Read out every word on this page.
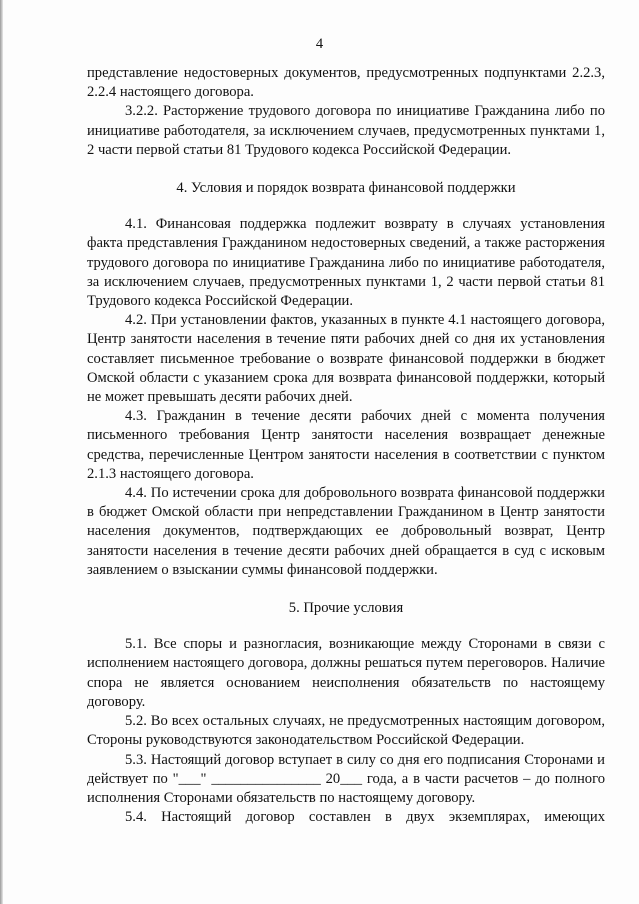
4

представление недостоверных документов, предусмотренных подпунктами 2.2.3, 2.2.4 настоящего договора.

3.2.2. Расторжение трудового договора по инициативе Гражданина либо по инициативе работодателя, за исключением случаев, предусмотренных пунктами 1, 2 части первой статьи 81 Трудового кодекса Российской Федерации.

4. Условия и порядок возврата финансовой поддержки

4.1. Финансовая поддержка подлежит возврату в случаях установления факта представления Гражданином недостоверных сведений, а также расторжения трудового договора по инициативе Гражданина либо по инициативе работодателя, за исключением случаев, предусмотренных пунктами 1, 2 части первой статьи 81 Трудового кодекса Российской Федерации.

4.2. При установлении фактов, указанных в пункте 4.1 настоящего договора, Центр занятости населения в течение пяти рабочих дней со дня их установления составляет письменное требование о возврате финансовой поддержки в бюджет Омской области с указанием срока для возврата финансовой поддержки, который не может превышать десяти рабочих дней.

4.3. Гражданин в течение десяти рабочих дней с момента получения письменного требования Центр занятости населения возвращает денежные средства, перечисленные Центром занятости населения в соответствии с пунктом 2.1.3 настоящего договора.

4.4. По истечении срока для добровольного возврата финансовой поддержки в бюджет Омской области при непредставлении Гражданином в Центр занятости населения документов, подтверждающих ее добровольный возврат, Центр занятости населения в течение десяти рабочих дней обращается в суд с исковым заявлением о взыскании суммы финансовой поддержки.

5. Прочие условия

5.1. Все споры и разногласия, возникающие между Сторонами в связи с исполнением настоящего договора, должны решаться путем переговоров. Наличие спора не является основанием неисполнения обязательств по настоящему договору.

5.2. Во всех остальных случаях, не предусмотренных настоящим договором, Стороны руководствуются законодательством Российской Федерации.

5.3. Настоящий договор вступает в силу со дня его подписания Сторонами и действует по "___" _______________ 20___ года, а в части расчетов – до полного исполнения Сторонами обязательств по настоящему договору.

5.4. Настоящий договор составлен в двух экземплярах, имеющих
